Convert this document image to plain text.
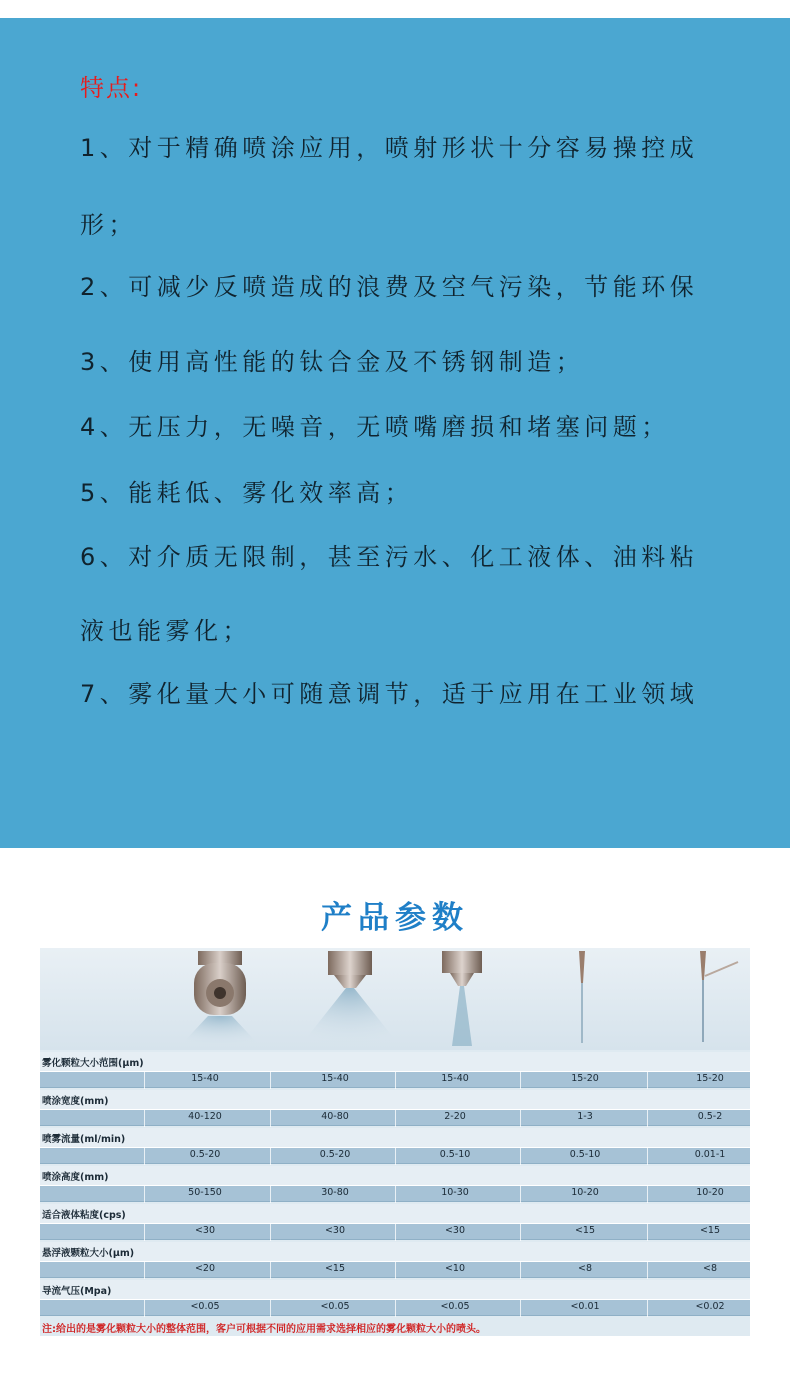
特点:
1、对于精确喷涂应用，喷射形状十分容易操控成
形；
2、可减少反喷造成的浪费及空气污染，节能环保
3、使用高性能的钛合金及不锈钢制造；
4、无压力，无噪音，无喷嘴磨损和堵塞问题；
5、能耗低、雾化效率高；
6、对介质无限制，甚至污水、化工液体、油料粘
液也能雾化；
7、雾化量大小可随意调节，适于应用在工业领域
产品参数
雾化颗粒大小范围(μm)
15-40	15-40	15-40	15-20	15-20
喷涂宽度(mm)
40-120	40-80	2-20	1-3	0.5-2
喷雾流量(ml/min)
0.5-20	0.5-20	0.5-10	0.5-10	0.01-1
喷涂高度(mm)
50-150	30-80	10-30	10-20	10-20
适合液体粘度(cps)
<30	<30	<30	<15	<15
悬浮液颗粒大小(μm)
<20	<15	<10	<8	<8
导流气压(Mpa)
<0.05	<0.05	<0.05	<0.01	<0.02
注:给出的是雾化颗粒大小的整体范围，客户可根据不同的应用需求选择相应的雾化颗粒大小的喷头。
